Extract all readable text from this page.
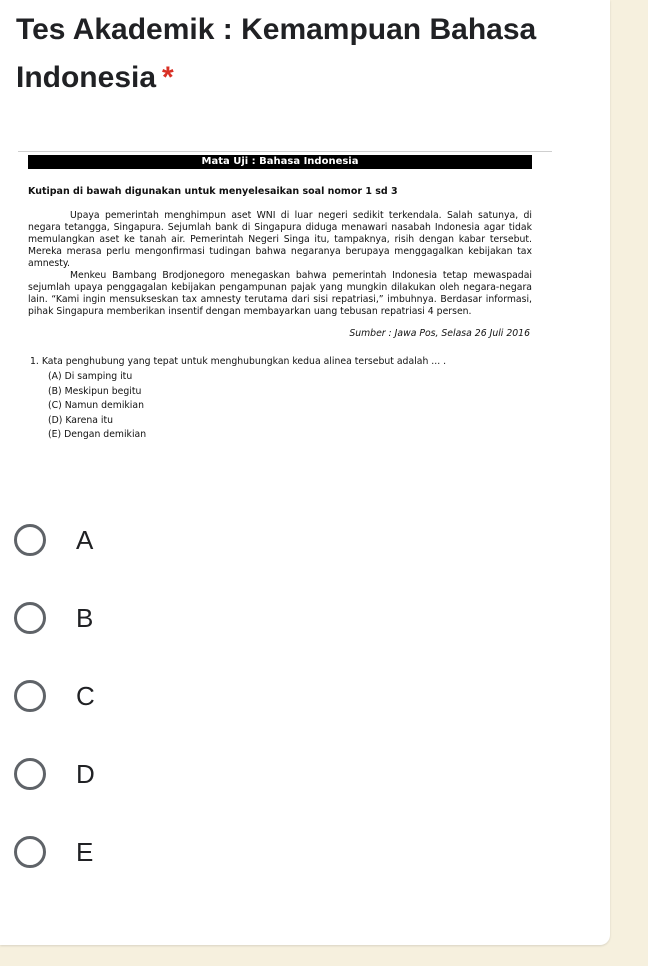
Tes Akademik : Kemampuan Bahasa Indonesia *
Mata Uji : Bahasa Indonesia
Kutipan di bawah digunakan untuk menyelesaikan soal nomor 1 sd 3

Upaya pemerintah menghimpun aset WNI di luar negeri sedikit terkendala. Salah satunya, di negara tetangga, Singapura. Sejumlah bank di Singapura diduga menawari nasabah Indonesia agar tidak memulangkan aset ke tanah air. Pemerintah Negeri Singa itu, tampaknya, risih dengan kabar tersebut. Mereka merasa perlu mengonfirmasi tudingan bahwa negaranya berupaya menggagalkan kebijakan tax amnesty.

Menkeu Bambang Brodjonegoro menegaskan bahwa pemerintah Indonesia tetap mewaspadai sejumlah upaya penggagalan kebijakan pengampunan pajak yang mungkin dilakukan oleh negara-negara lain. “Kami ingin mensukseskan tax amnesty terutama dari sisi repatriasi,” imbuhnya. Berdasar informasi, pihak Singapura memberikan insentif dengan membayarkan uang tebusan repatriasi 4 persen.

Sumber : Jawa Pos, Selasa 26 Juli 2016
1. Kata penghubung yang tepat untuk menghubungkan kedua alinea tersebut adalah ... .
(A) Di samping itu
(B) Meskipun begitu
(C) Namun demikian
(D) Karena itu
(E) Dengan demikian
A
B
C
D
E
